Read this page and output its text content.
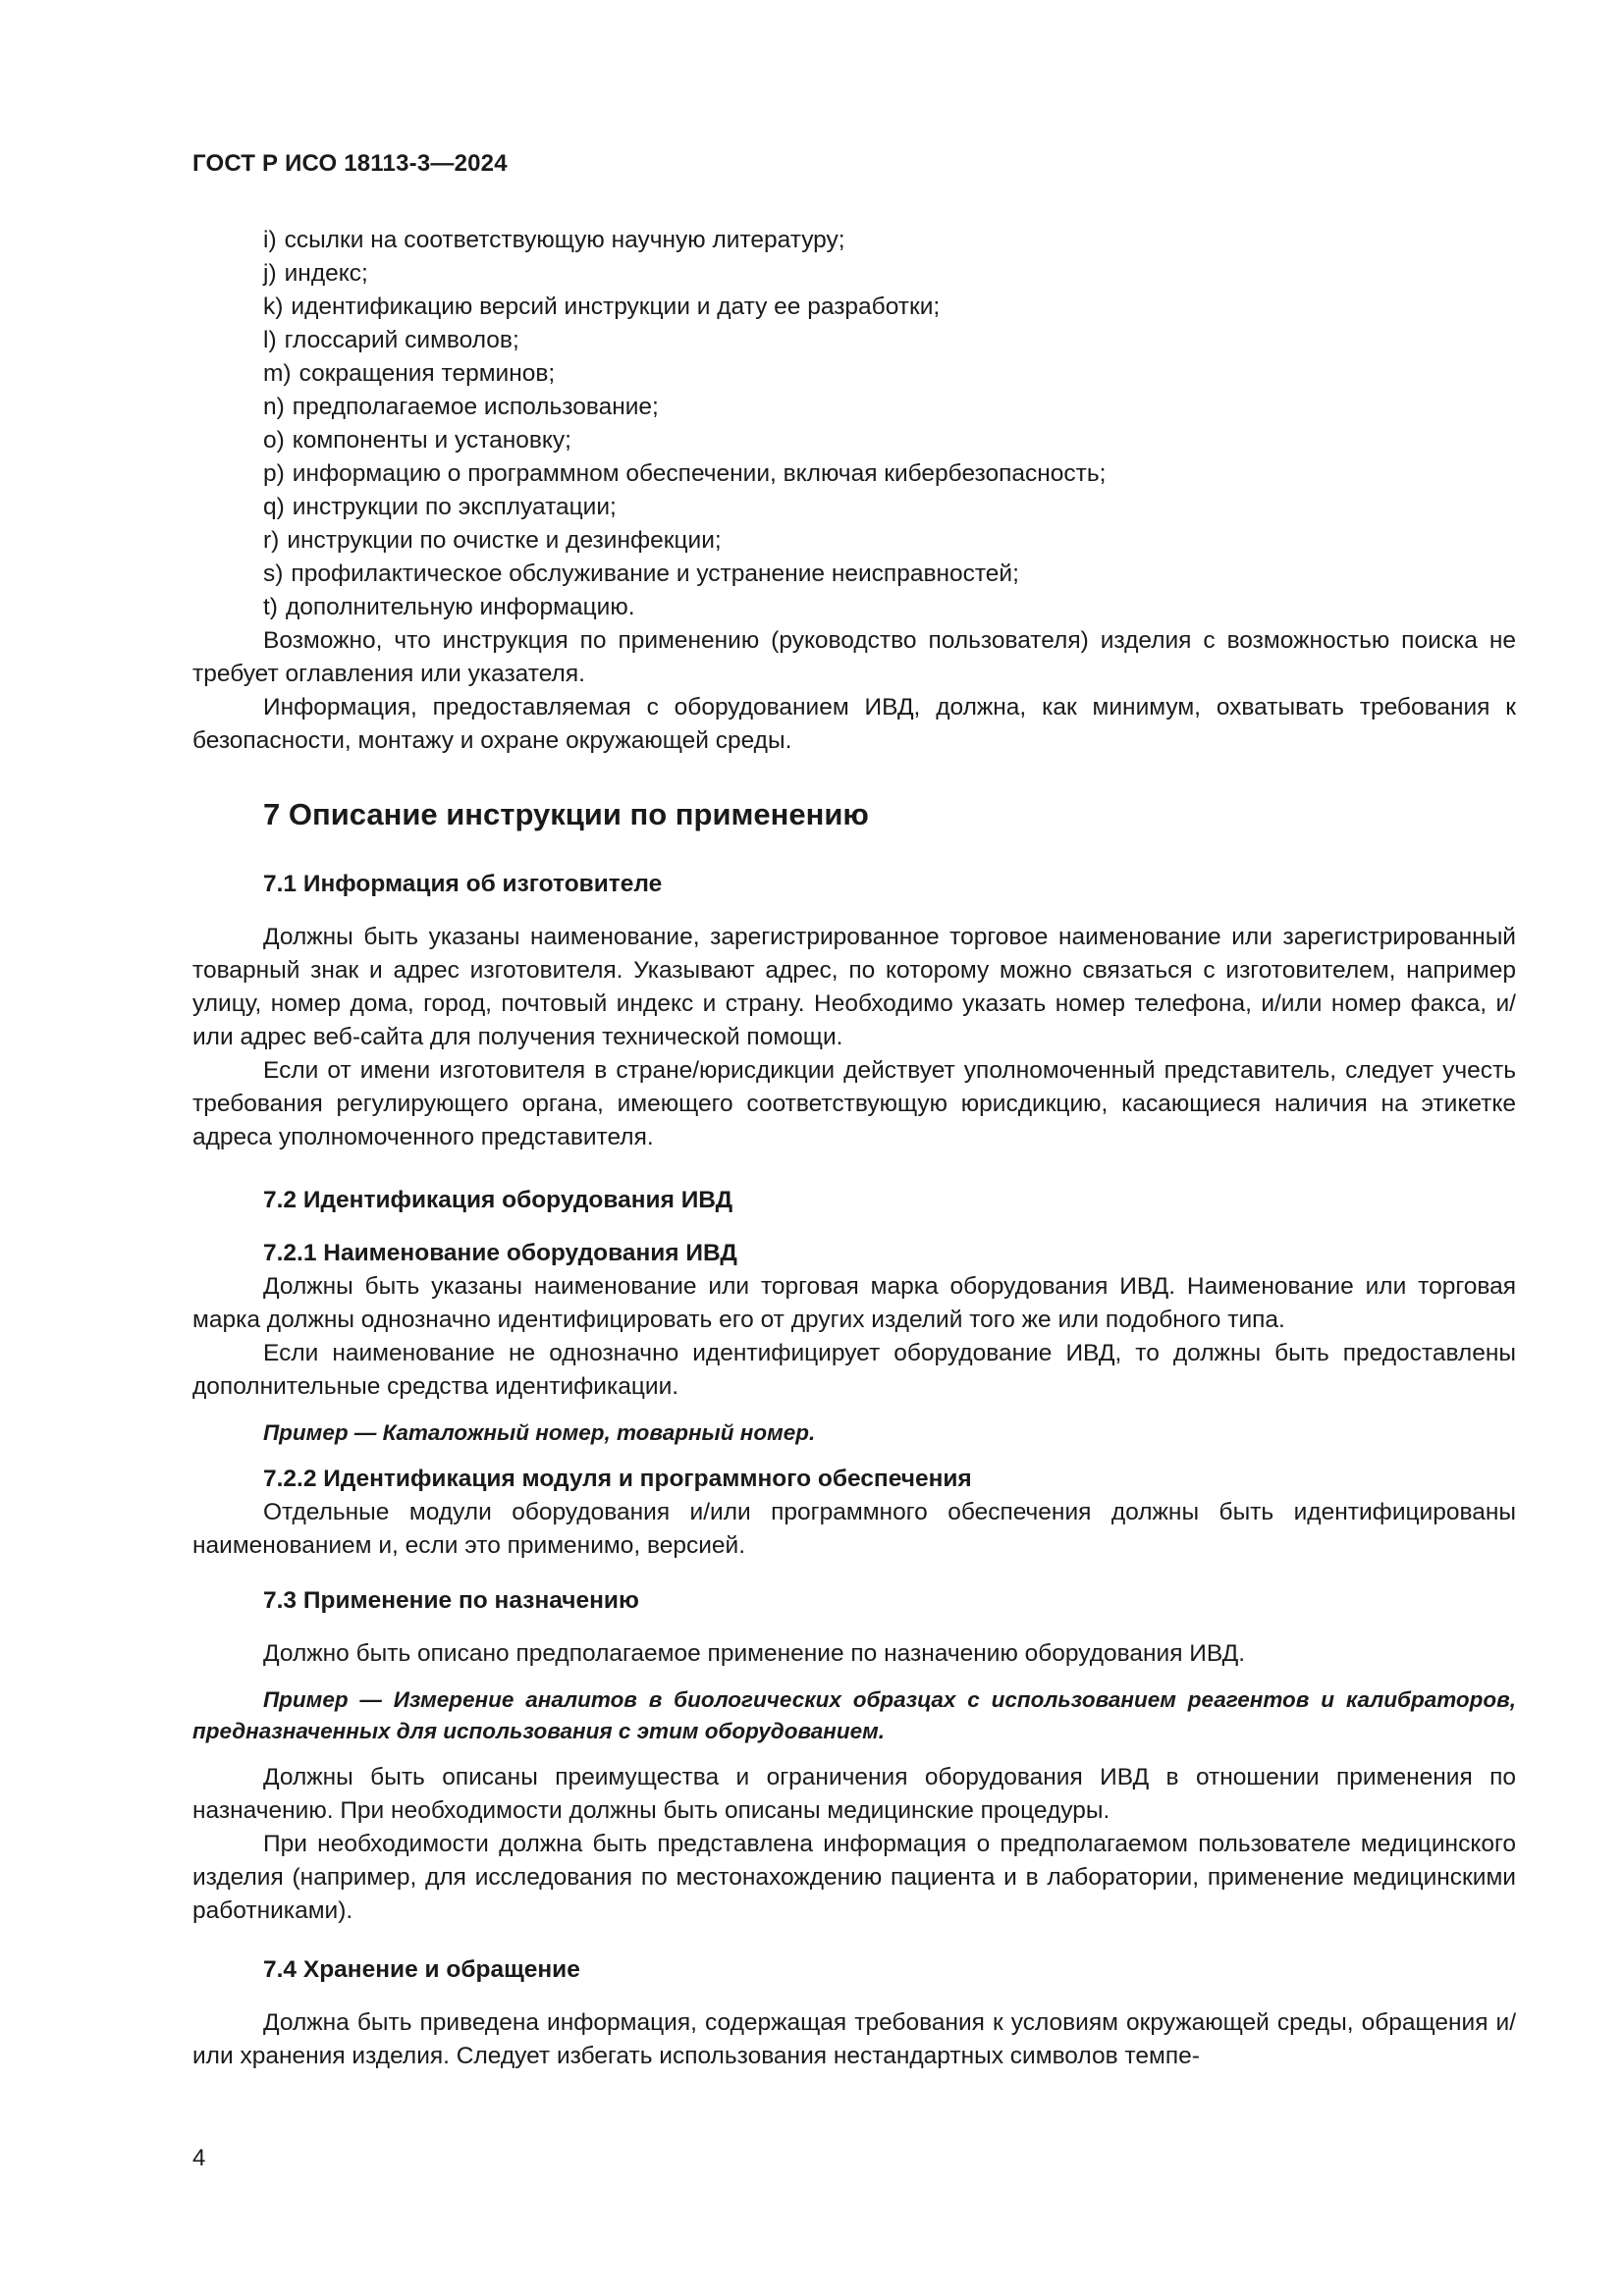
ГОСТ Р ИСО 18113-3—2024
i) ссылки на соответствующую научную литературу;
j) индекс;
k) идентификацию версий инструкции и дату ее разработки;
l) глоссарий символов;
m) сокращения терминов;
n) предполагаемое использование;
o) компоненты и установку;
p) информацию о программном обеспечении, включая кибербезопасность;
q) инструкции по эксплуатации;
r) инструкции по очистке и дезинфекции;
s) профилактическое обслуживание и устранение неисправностей;
t) дополнительную информацию.
Возможно, что инструкция по применению (руководство пользователя) изделия с возможностью поиска не требует оглавления или указателя.
Информация, предоставляемая с оборудованием ИВД, должна, как минимум, охватывать требования к безопасности, монтажу и охране окружающей среды.
7 Описание инструкции по применению
7.1 Информация об изготовителе
Должны быть указаны наименование, зарегистрированное торговое наименование или зарегистрированный товарный знак и адрес изготовителя. Указывают адрес, по которому можно связаться с изготовителем, например улицу, номер дома, город, почтовый индекс и страну. Необходимо указать номер телефона, и/или номер факса, и/или адрес веб-сайта для получения технической помощи.
Если от имени изготовителя в стране/юрисдикции действует уполномоченный представитель, следует учесть требования регулирующего органа, имеющего соответствующую юрисдикцию, касающиеся наличия на этикетке адреса уполномоченного представителя.
7.2 Идентификация оборудования ИВД
7.2.1 Наименование оборудования ИВД
Должны быть указаны наименование или торговая марка оборудования ИВД. Наименование или торговая марка должны однозначно идентифицировать его от других изделий того же или подобного типа.
Если наименование не однозначно идентифицирует оборудование ИВД, то должны быть предоставлены дополнительные средства идентификации.
Пример — Каталожный номер, товарный номер.
7.2.2 Идентификация модуля и программного обеспечения
Отдельные модули оборудования и/или программного обеспечения должны быть идентифицированы наименованием и, если это применимо, версией.
7.3 Применение по назначению
Должно быть описано предполагаемое применение по назначению оборудования ИВД.
Пример — Измерение аналитов в биологических образцах с использованием реагентов и калибраторов, предназначенных для использования с этим оборудованием.
Должны быть описаны преимущества и ограничения оборудования ИВД в отношении применения по назначению. При необходимости должны быть описаны медицинские процедуры.
При необходимости должна быть представлена информация о предполагаемом пользователе медицинского изделия (например, для исследования по местонахождению пациента и в лаборатории, применение медицинскими работниками).
7.4 Хранение и обращение
Должна быть приведена информация, содержащая требования к условиям окружающей среды, обращения и/или хранения изделия. Следует избегать использования нестандартных символов темпе-
4
